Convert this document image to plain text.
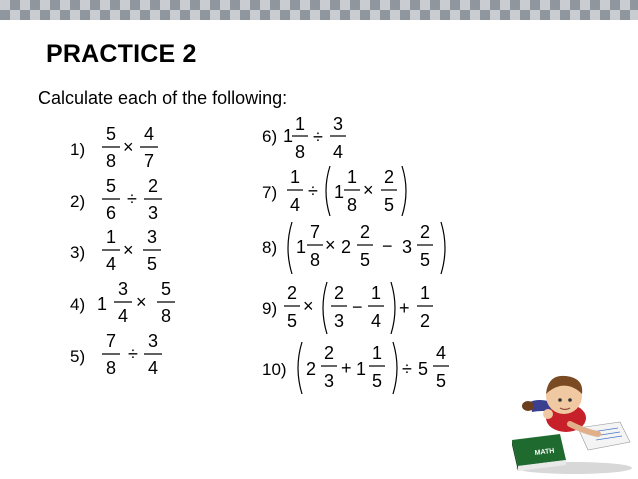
PRACTICE 2
Calculate each of the following:
1)
5
8
×
4
7
2)
5
6
÷
2
3
3)
1
4
×
3
5
4) 1
3
4
×
5
8
5)
7
8
÷
3
4
6) 1
1
8
÷
3
4
7)
1
4
÷ 1
1
8
×
2
5
8) 1
7
8
× 2
2
5
− 3
2
5
9)
2
5
×
2
3
−
1
4
+
1
2
10) 2
2
3
+ 1
1
5
÷ 5
4
5
MATH
